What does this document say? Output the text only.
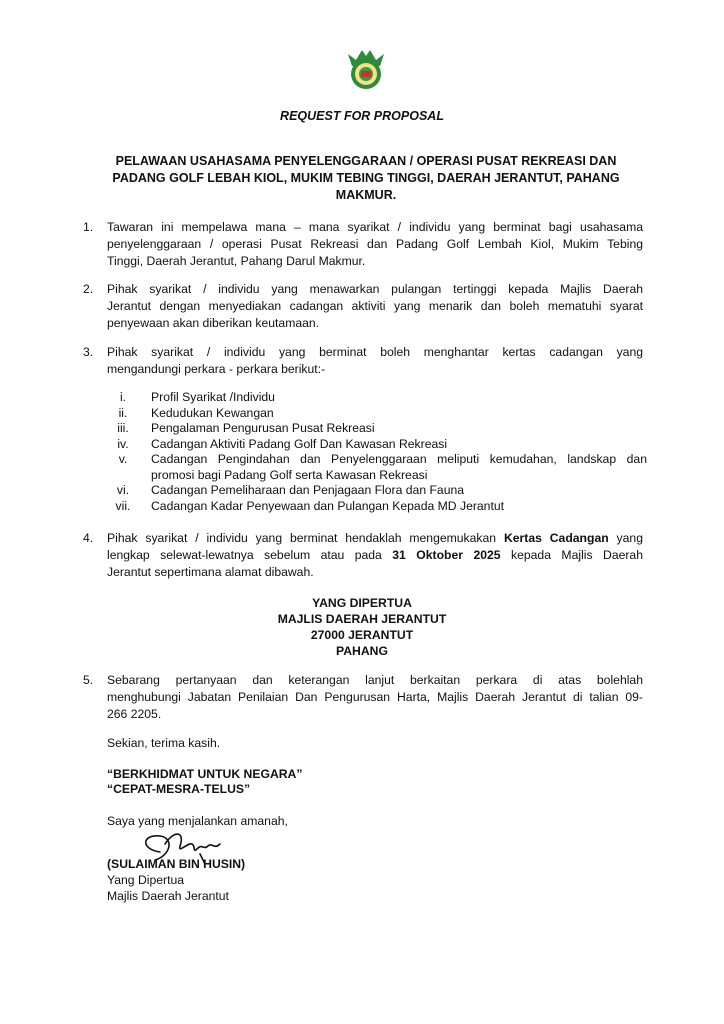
REQUEST FOR PROPOSAL
PELAWAAN USAHASAMA PENYELENGGARAAN / OPERASI PUSAT REKREASI DAN
PADANG GOLF LEBAH KIOL, MUKIM TEBING TINGGI, DAERAH JERANTUT, PAHANG
MAKMUR.
1. Tawaran ini mempelawa mana – mana syarikat / individu yang berminat bagi usahasama
penyelenggaraan / operasi Pusat Rekreasi dan Padang Golf Lembah Kiol, Mukim Tebing
Tinggi, Daerah Jerantut, Pahang Darul Makmur.
2. Pihak syarikat / individu yang menawarkan pulangan tertinggi kepada Majlis Daerah
Jerantut dengan menyediakan cadangan aktiviti yang menarik dan boleh mematuhi syarat
penyewaan akan diberikan keutamaan.
3. Pihak syarikat / individu yang berminat boleh menghantar kertas cadangan yang
mengandungi perkara - perkara berikut:-
i.	Profil Syarikat /Individu
ii.	Kedudukan Kewangan
iii.	Pengalaman Pengurusan Pusat Rekreasi
iv.	Cadangan Aktiviti Padang Golf Dan Kawasan Rekreasi
v.	Cadangan Pengindahan dan Penyelenggaraan meliputi kemudahan, landskap dan
promosi bagi Padang Golf serta Kawasan Rekreasi
vi.	Cadangan Pemeliharaan dan Penjagaan Flora dan Fauna
vii.	Cadangan Kadar Penyewaan dan Pulangan Kepada MD Jerantut
4. Pihak syarikat / individu yang berminat hendaklah mengemukakan Kertas Cadangan yang
lengkap selewat-lewatnya sebelum atau pada 31 Oktober 2025 kepada Majlis Daerah
Jerantut sepertimana alamat dibawah.
YANG DIPERTUA
MAJLIS DAERAH JERANTUT
27000 JERANTUT
PAHANG
5. Sebarang pertanyaan dan keterangan lanjut berkaitan perkara di atas bolehlah
menghubungi Jabatan Penilaian Dan Pengurusan Harta, Majlis Daerah Jerantut di talian 09-
266 2205.
Sekian, terima kasih.
“BERKHIDMAT UNTUK NEGARA”
“CEPAT-MESRA-TELUS”
Saya yang menjalankan amanah,
(SULAIMAN BIN HUSIN)
Yang Dipertua
Majlis Daerah Jerantut
